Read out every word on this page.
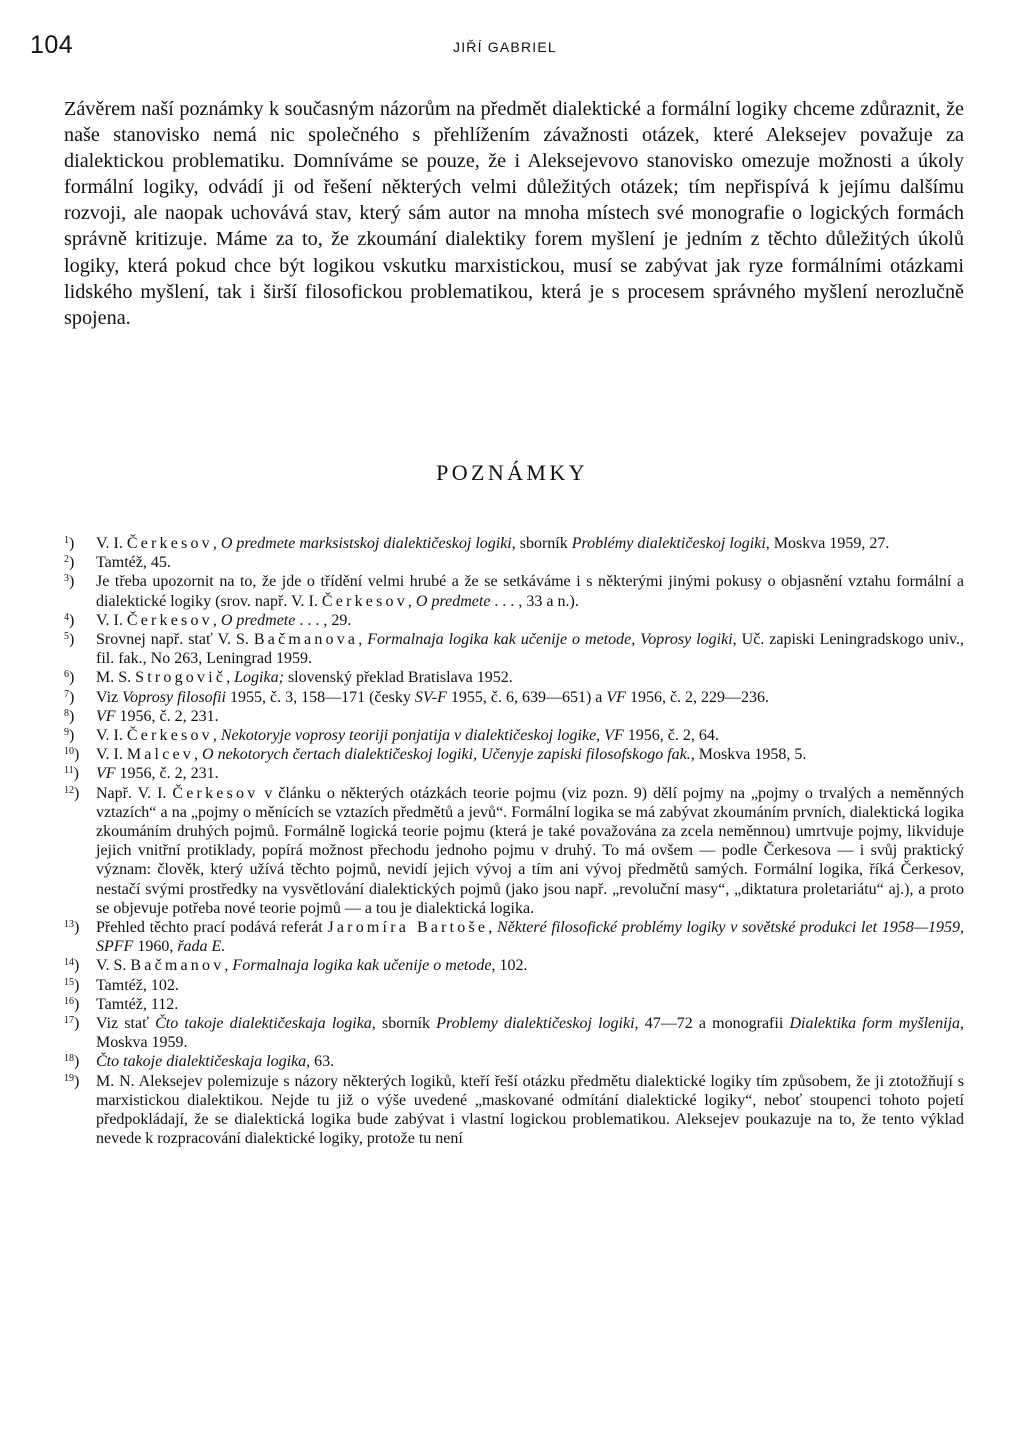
104	JIŘÍ GABRIEL
Závěrem naší poznámky k současným názorům na předmět dialektické a formální logiky chceme zdůraznit, že naše stanovisko nemá nic společného s přehlížením závažnosti otázek, které Aleksejev považuje za dialektickou problematiku. Domníváme se pouze, že i Aleksejevovo stanovisko omezuje možnosti a úkoly formální logiky, odvádí ji od řešení některých velmi důležitých otázek; tím nepřispívá k jejímu dalšímu rozvoji, ale naopak uchovává stav, který sám autor na mnoha místech své monografie o logických formách správně kritizuje. Máme za to, že zkoumání dialektiky forem myšlení je jedním z těchto důležitých úkolů logiky, která pokud chce být logikou vskutku marxistickou, musí se zabývat jak ryze formálními otázkami lidského myšlení, tak i širší filosofickou problematikou, která je s procesem správného myšlení nerozlučně spojena.
POZNÁMKY
$^1$)	V. I. Čerkesov, O predmete marksistskoj dialektičeskoj logiki, sborník Problémy dialektičeskoj logiki, Moskva 1959, 27.
$^2$)	Tamtéž, 45.
$^3$)	Je třeba upozornit na to, že jde o třídění velmi hrubé a že se setkáváme i s některými jinými pokusy o objasnění vztahu formální a dialektické logiky (srov. např. V. I. Čerkesov, O predmete . . . , 33 a n.).
$^4$)	V. I. Čerkesov, O predmete . . . , 29.
$^5$)	Srovnej např. stať V. S. Bačmanova, Formalnaja logika kak učenije o metode, Voprosy logiki, Uč. zapiski Leningradskogo univ., fil. fak., No 263, Leningrad 1959.
$^6$)	M. S. Strogovič, Logika; slovenský překlad Bratislava 1952.
$^7$)	Viz Voprosy filosofii 1955, č. 3, 158—171 (česky SV-F 1955, č. 6, 639—651) a VF 1956, č. 2, 229—236.
$^8$)	VF 1956, č. 2, 231.
$^9$)	V. I. Čerkesov, Nekotoryje voprosy teoriji ponjatija v dialektičeskoj logike, VF 1956, č. 2, 64.
$^{10}$)	V. I. Malcev, O nekotorych čertach dialektičeskoj logiki, Učenyje zapiski filosofskogo fak., Moskva 1958, 5.
$^{11}$)	VF 1956, č. 2, 231.
$^{12}$)	Např. V. I. Čerkesov v článku o některých otázkách teorie pojmu (viz pozn. 9) dělí pojmy na „pojmy o trvalých a neměnných vztazích“ a na „pojmy o měnících se vztazích předmětů a jevů“. Formální logika se má zabývat zkoumáním prvních, dialektická logika zkoumáním druhých pojmů. Formálně logická teorie pojmu (která je také považována za zcela neměnnou) umrtvuje pojmy, likviduje jejich vnitřní protiklady, popírá možnost přechodu jednoho pojmu v druhý. To má ovšem — podle Čerkesova — i svůj praktický význam: člověk, který užívá těchto pojmů, nevidí jejich vývoj a tím ani vývoj předmětů samých. Formální logika, říká Čerkesov, nestačí svými prostředky na vysvětlování dialektických pojmů (jako jsou např. „revoluční masy“, „diktatura proletariátu“ aj.), a proto se objevuje potřeba nové teorie pojmů — a tou je dialektická logika.
$^{13}$)	Přehled těchto prací podává referát Jaromíra Bartoše, Některé filosofické problémy logiky v sovětské produkci let 1958—1959, SPFF 1960, řada E.
$^{14}$)	V. S. Bačmanov, Formalnaja logika kak učenije o metode, 102.
$^{15}$)	Tamtéž, 102.
$^{16}$)	Tamtéž, 112.
$^{17}$)	Viz stať Čto takoje dialektičeskaja logika, sborník Problemy dialektičeskoj logiki, 47—72 a monografii Dialektika form myšlenija, Moskva 1959.
$^{18}$)	Čto takoje dialektičeskaja logika, 63.
$^{19}$)	M. N. Aleksejev polemizuje s názory některých logiků, kteří řeší otázku předmětu dialektické logiky tím způsobem, že ji ztotožňují s marxistickou dialektikou. Nejde tu již o výše uvedené „maskované odmítání dialektické logiky“, neboť stoupenci tohoto pojetí předpokládají, že se dialektická logika bude zabývat i vlastní logickou problematikou. Aleksejev poukazuje na to, že tento výklad nevede k rozpracování dialektické logiky, protože tu není
